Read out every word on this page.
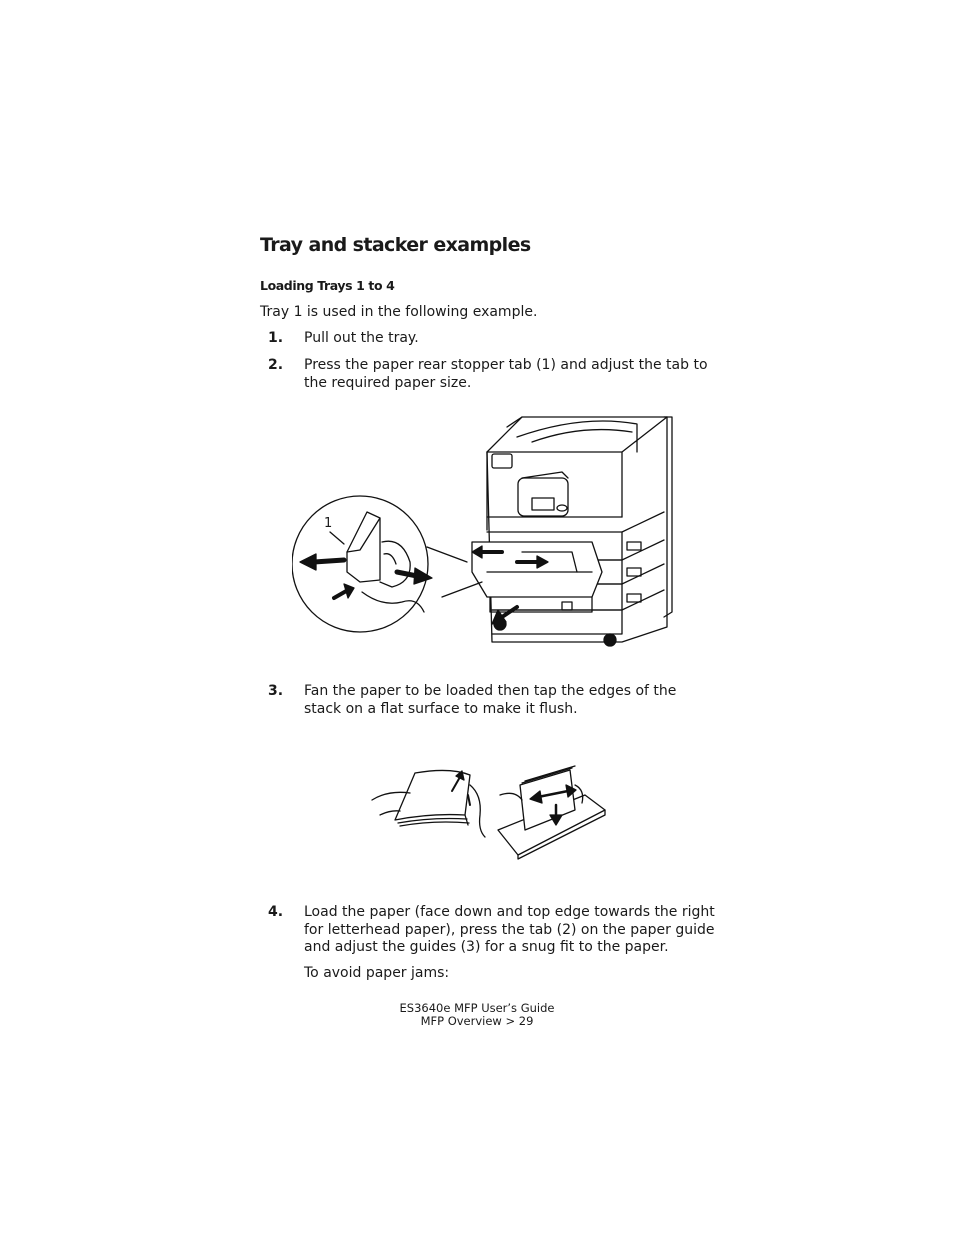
Tray and stacker examples
Loading Trays 1 to 4

Tray 1 is used in the following example.

1. Pull out the tray.
2. Press the paper rear stopper tab (1) and adjust the tab to the required paper size.
1
3. Fan the paper to be loaded then tap the edges of the stack on a flat surface to make it flush.
4. Load the paper (face down and top edge towards the right for letterhead paper), press the tab (2) on the paper guide and adjust the guides (3) for a snug fit to the paper.

To avoid paper jams:

ES3640e MFP User’s Guide
MFP Overview > 29
